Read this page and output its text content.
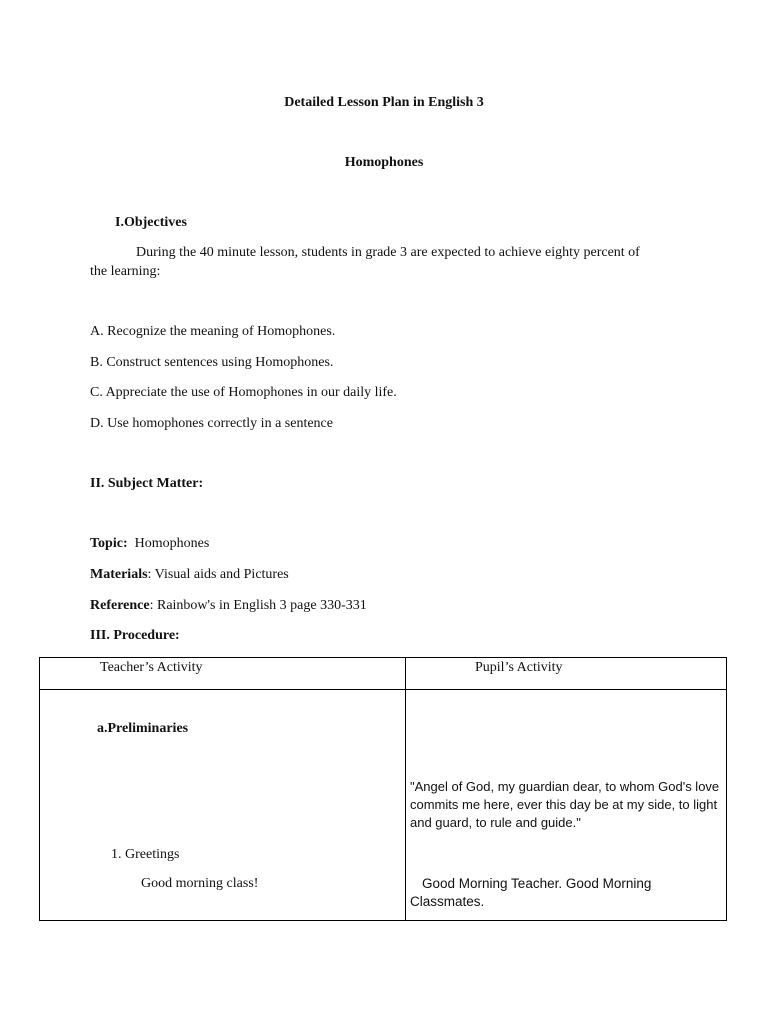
Detailed Lesson Plan in English 3
Homophones
I.Objectives
During the 40 minute lesson, students in grade 3 are expected to achieve eighty percent of
the learning:
A. Recognize the meaning of Homophones.
B. Construct sentences using Homophones.
C. Appreciate the use of Homophones in our daily life.
D. Use homophones correctly in a sentence
II. Subject Matter:
Topic: Homophones
Materials: Visual aids and Pictures
Reference: Rainbow's in English 3 page 330-331
III. Procedure:
Teacher’s Activity	Pupil’s Activity
a.Preliminaries
1. Greetings
Good morning class!
"Angel of God, my guardian dear, to whom God's love commits me here, ever this day be at my side, to light and guard, to rule and guide."
Good Morning Teacher. Good Morning Classmates.
